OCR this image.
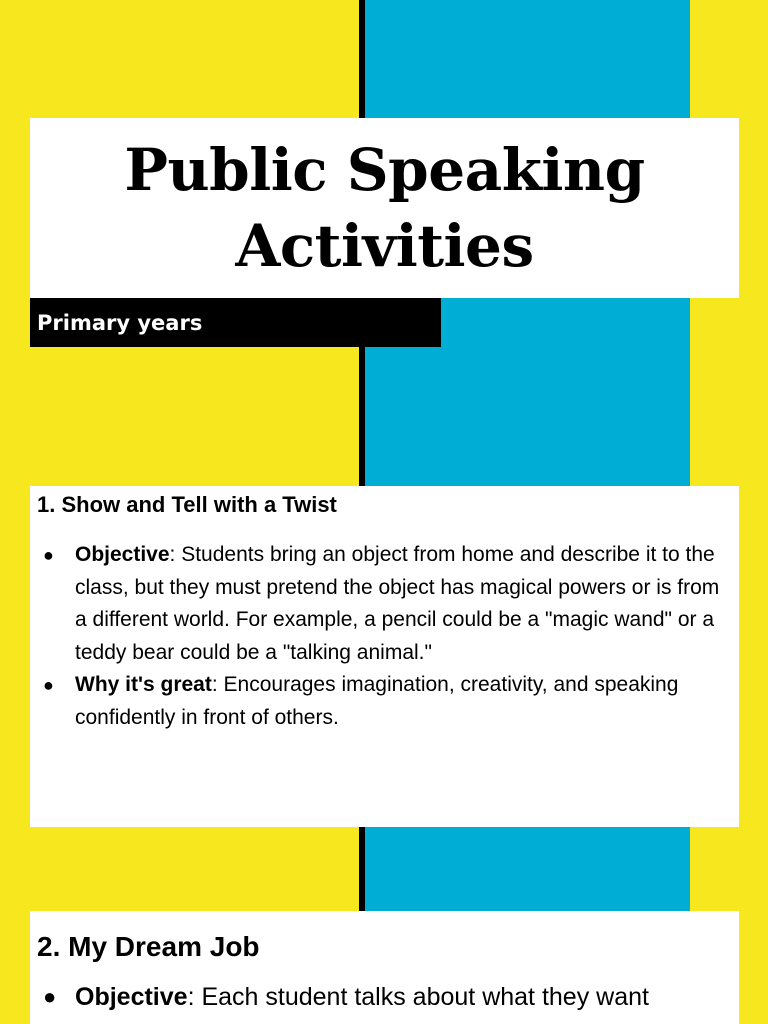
Public Speaking
Activities
Primary years
1. Show and Tell with a Twist
● Objective: Students bring an object from home and describe it to the class, but they must pretend the object has magical powers or is from a different world. For example, a pencil could be a "magic wand" or a teddy bear could be a "talking animal."
● Why it's great: Encourages imagination, creativity, and speaking confidently in front of others.
2. My Dream Job
● Objective: Each student talks about what they want
